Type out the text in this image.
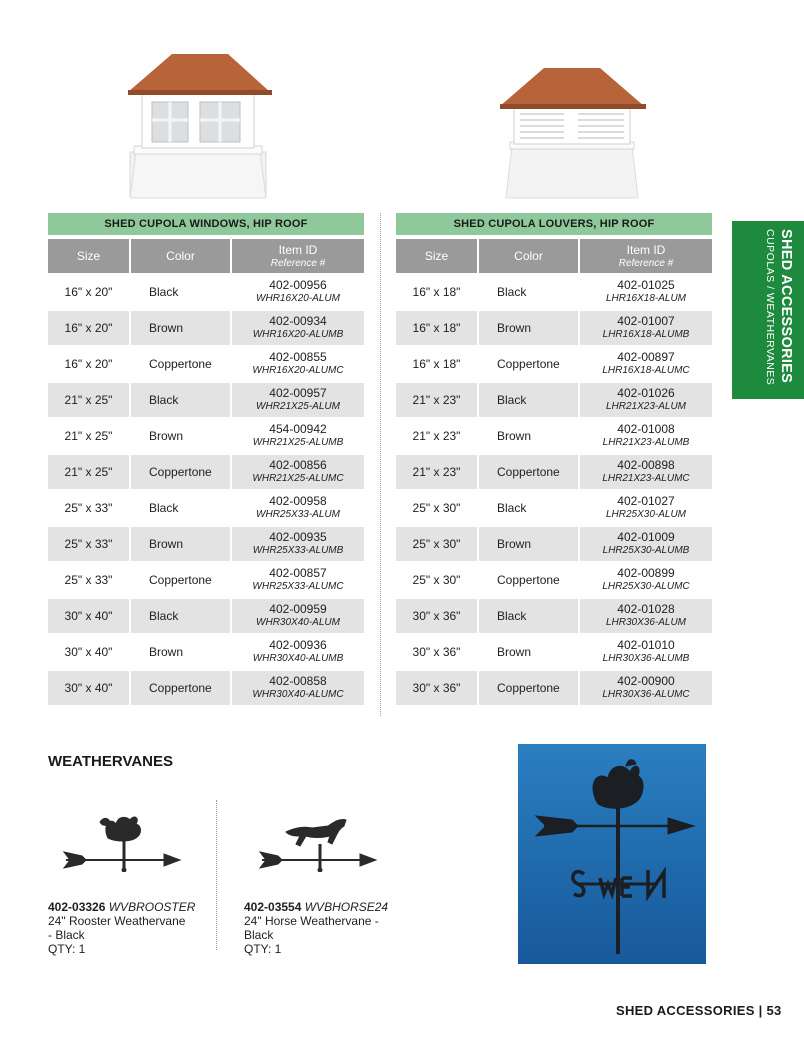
SHED CUPOLA WINDOWS, HIP ROOF
Size	Color	Item ID
Reference #
16" x 20"	Black	402-00956
WHR16X20-ALUM
16" x 20"	Brown	402-00934
WHR16X20-ALUMB
16" x 20"	Coppertone	402-00855
WHR16X20-ALUMC
21" x 25"	Black	402-00957
WHR21X25-ALUM
21" x 25"	Brown	454-00942
WHR21X25-ALUMB
21" x 25"	Coppertone	402-00856
WHR21X25-ALUMC
25" x 33"	Black	402-00958
WHR25X33-ALUM
25" x 33"	Brown	402-00935
WHR25X33-ALUMB
25" x 33"	Coppertone	402-00857
WHR25X33-ALUMC
30" x 40"	Black	402-00959
WHR30X40-ALUM
30" x 40"	Brown	402-00936
WHR30X40-ALUMB
30" x 40"	Coppertone	402-00858
WHR30X40-ALUMC
SHED CUPOLA LOUVERS, HIP ROOF
Size	Color	Item ID
Reference #
16" x 18"	Black	402-01025
LHR16X18-ALUM
16" x 18"	Brown	402-01007
LHR16X18-ALUMB
16" x 18"	Coppertone	402-00897
LHR16X18-ALUMC
21" x 23"	Black	402-01026
LHR21X23-ALUM
21" x 23"	Brown	402-01008
LHR21X23-ALUMB
21" x 23"	Coppertone	402-00898
LHR21X23-ALUMC
25" x 30"	Black	402-01027
LHR25X30-ALUM
25" x 30"	Brown	402-01009
LHR25X30-ALUMB
25" x 30"	Coppertone	402-00899
LHR25X30-ALUMC
30" x 36"	Black	402-01028
LHR30X36-ALUM
30" x 36"	Brown	402-01010
LHR30X36-ALUMB
30" x 36"	Coppertone	402-00900
LHR30X36-ALUMC
SHED ACCESSORIES
CUPOLAS / WEATHERVANES
WEATHERVANES
402-03326 WVBROOSTER
24" Rooster Weathervane
- Black
QTY: 1
402-03554 WVBHORSE24
24" Horse Weathervane -
Black
QTY: 1
SHED ACCESSORIES | 53
